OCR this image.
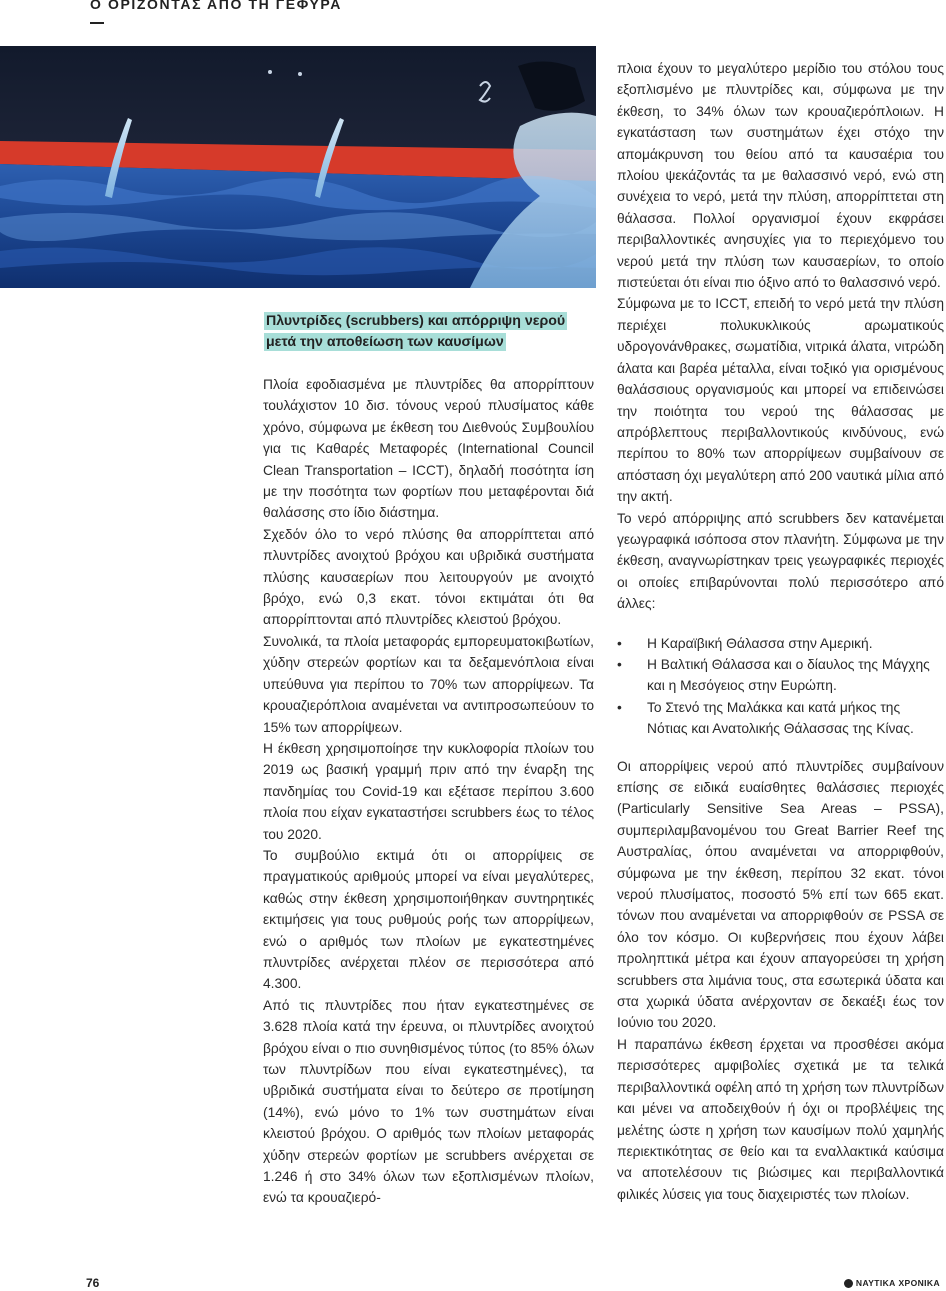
Ο ΟΡΙΖΟΝΤΑΣ ΑΠΟ ΤΗ ΓΕΦΥΡΑ
Πλυντρίδες (scrubbers) και απόρριψη νερού
μετά την αποθείωση των καυσίμων

Πλοία εφοδιασμένα με πλυντρίδες θα απορρίπτουν τουλάχιστον 10 δισ. τόνους νερού πλυσίματος κάθε χρόνο, σύμφωνα με έκθεση του Διεθνούς Συμβουλίου για τις Καθαρές Μεταφορές (International Council Clean Transportation – ICCT), δηλαδή ποσότητα ίση με την ποσότητα των φορτίων που μεταφέρονται διά θαλάσσης στο ίδιο διάστημα.

Σχεδόν όλο το νερό πλύσης θα απορρίπτεται από πλυντρίδες ανοιχτού βρόχου και υβριδικά συστήματα πλύσης καυσαερίων που λειτουργούν με ανοιχτό βρόχο, ενώ 0,3 εκατ. τόνοι εκτιμάται ότι θα απορρίπτονται από πλυντρίδες κλειστού βρόχου.

Συνολικά, τα πλοία μεταφοράς εμπορευματοκιβωτίων, χύδην στερεών φορτίων και τα δεξαμενόπλοια είναι υπεύθυνα για περίπου το 70% των απορρίψεων. Τα κρουαζιερόπλοια αναμένεται να αντιπροσωπεύουν το 15% των απορρίψεων.

Η έκθεση χρησιμοποίησε την κυκλοφορία πλοίων του 2019 ως βασική γραμμή πριν από την έναρξη της πανδημίας του Covid-19 και εξέτασε περίπου 3.600 πλοία που είχαν εγκαταστήσει scrubbers έως το τέλος του 2020.

Το συμβούλιο εκτιμά ότι οι απορρίψεις σε πραγματικούς αριθμούς μπορεί να είναι μεγαλύτερες, καθώς στην έκθεση χρησιμοποιήθηκαν συντηρητικές εκτιμήσεις για τους ρυθμούς ροής των απορρίψεων, ενώ ο αριθμός των πλοίων με εγκατεστημένες πλυντρίδες ανέρχεται πλέον σε περισσότερα από 4.300.

Από τις πλυντρίδες που ήταν εγκατεστημένες σε 3.628 πλοία κατά την έρευνα, οι πλυντρίδες ανοιχτού βρόχου είναι ο πιο συνηθισμένος τύπος (το 85% όλων των πλυντρίδων που είναι εγκατεστημένες), τα υβριδικά συστήματα είναι το δεύτερο σε προτίμηση (14%), ενώ μόνο το 1% των συστημάτων είναι κλειστού βρόχου. Ο αριθμός των πλοίων μεταφοράς χύδην στερεών φορτίων με scrubbers ανέρχεται σε 1.246 ή στο 34% όλων των εξοπλισμένων πλοίων, ενώ τα κρουαζιερό-

πλοια έχουν το μεγαλύτερο μερίδιο του στόλου τους εξοπλισμένο με πλυντρίδες και, σύμφωνα με την έκθεση, το 34% όλων των κρουαζιερόπλοιων. Η εγκατάσταση των συστημάτων έχει στόχο την απομάκρυνση του θείου από τα καυσαέρια του πλοίου ψεκάζοντάς τα με θαλασσινό νερό, ενώ στη συνέχεια το νερό, μετά την πλύση, απορρίπτεται στη θάλασσα. Πολλοί οργανισμοί έχουν εκφράσει περιβαλλοντικές ανησυχίες για το περιεχόμενο του νερού μετά την πλύση των καυσαερίων, το οποίο πιστεύεται ότι είναι πιο όξινο από το θαλασσινό νερό.

Σύμφωνα με το ICCT, επειδή το νερό μετά την πλύση περιέχει πολυκυκλικούς αρωματικούς υδρογονάνθρακες, σωματίδια, νιτρικά άλατα, νιτρώδη άλατα και βαρέα μέταλλα, είναι τοξικό για ορισμένους θαλάσσιους οργανισμούς και μπορεί να επιδεινώσει την ποιότητα του νερού της θάλασσας με απρόβλεπτους περιβαλλοντικούς κινδύνους, ενώ περίπου το 80% των απορρίψεων συμβαίνουν σε απόσταση όχι μεγαλύτερη από 200 ναυτικά μίλια από την ακτή.

Το νερό απόρριψης από scrubbers δεν κατανέμεται γεωγραφικά ισόποσα στον πλανήτη. Σύμφωνα με την έκθεση, αναγνωρίστηκαν τρεις γεωγραφικές περιοχές οι οποίες επιβαρύνονται πολύ περισσότερο από άλλες:

• Η Καραϊβική Θάλασσα στην Αμερική.
• Η Βαλτική Θάλασσα και ο δίαυλος της Μάγχης και η Μεσόγειος στην Ευρώπη.
• Το Στενό της Μαλάκκα και κατά μήκος της Νότιας και Ανατολικής Θάλασσας της Κίνας.

Οι απορρίψεις νερού από πλυντρίδες συμβαίνουν επίσης σε ειδικά ευαίσθητες θαλάσσιες περιοχές (Particularly Sensitive Sea Areas – PSSA), συμπεριλαμβανομένου του Great Barrier Reef της Αυστραλίας, όπου αναμένεται να απορριφθούν, σύμφωνα με την έκθεση, περίπου 32 εκατ. τόνοι νερού πλυσίματος, ποσοστό 5% επί των 665 εκατ. τόνων που αναμένεται να απορριφθούν σε PSSA σε όλο τον κόσμο. Οι κυβερνήσεις που έχουν λάβει προληπτικά μέτρα και έχουν απαγορεύσει τη χρήση scrubbers στα λιμάνια τους, στα εσωτερικά ύδατα και στα χωρικά ύδατα ανέρχονταν σε δεκαέξι έως τον Ιούνιο του 2020.

Η παραπάνω έκθεση έρχεται να προσθέσει ακόμα περισσότερες αμφιβολίες σχετικά με τα τελικά περιβαλλοντικά οφέλη από τη χρήση των πλυντρίδων και μένει να αποδειχθούν ή όχι οι προβλέψεις της μελέτης ώστε η χρήση των καυσίμων πολύ χαμηλής περιεκτικότητας σε θείο και τα εναλλακτικά καύσιμα να αποτελέσουν τις βιώσιμες και περιβαλλοντικά φιλικές λύσεις για τους διαχειριστές των πλοίων.

76	ΝΑΥΤΙΚΑ ΧΡΟΝΙΚΑ
